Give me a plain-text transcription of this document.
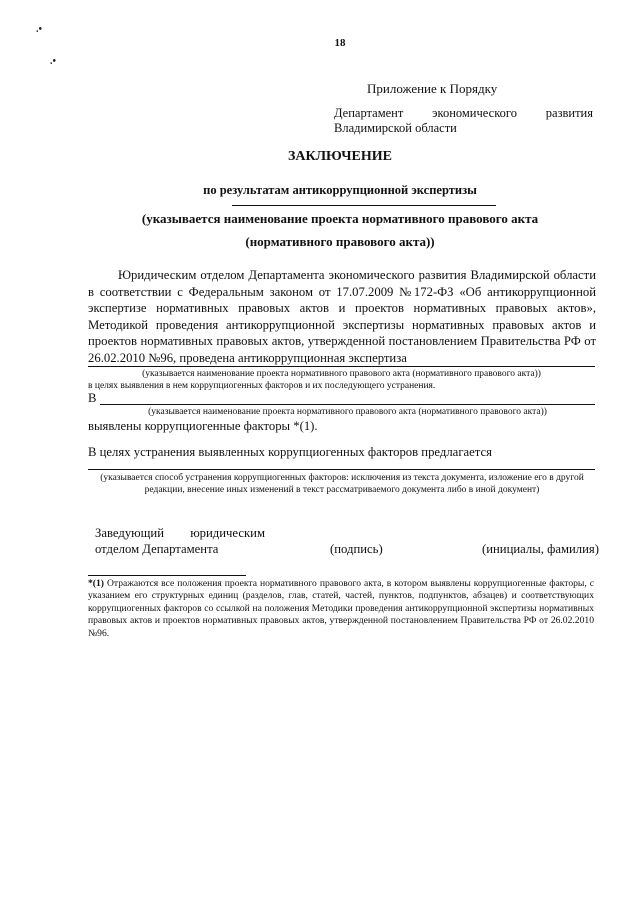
.•
.•
18
Приложение к Порядку
Департамент экономического развития
Владимирской области
ЗАКЛЮЧЕНИЕ
по результатам антикоррупционной экспертизы
(указывается наименование проекта нормативного правового акта
(нормативного правового акта))
Юридическим отделом Департамента экономического развития Владимирской области в соответствии с Федеральным законом от 17.07.2009 №172-ФЗ «Об антикоррупционной экспертизе нормативных правовых актов и проектов нормативных правовых актов», Методикой проведения антикоррупционной экспертизы нормативных правовых актов и проектов нормативных правовых актов, утвержденной постановлением Правительства РФ от 26.02.2010 №96, проведена антикоррупционная экспертиза
(указывается наименование проекта нормативного правового акта (нормативного правового акта))
в целях выявления в нем коррупциогенных факторов и их последующего устранения.
В
(указывается наименование проекта нормативного правового акта (нормативного правового акта))
выявлены коррупциогенные факторы *(1).
В целях устранения выявленных коррупциогенных факторов предлагается
(указывается способ устранения коррупциогенных факторов: исключения из текста документа, изложение его в другой редакции, внесение иных изменений в текст рассматриваемого документа либо в иной документ)
Заведующий юридическим
отделом Департамента	(подпись)	(инициалы, фамилия)
*(1) Отражаются все положения проекта нормативного правового акта, в котором выявлены коррупциогенные факторы, с указанием его структурных единиц (разделов, глав, статей, частей, пунктов, подпунктов, абзацев) и соответствующих коррупциогенных факторов со ссылкой на положения Методики проведения антикоррупционной экспертизы нормативных правовых актов и проектов нормативных правовых актов, утвержденной постановлением Правительства РФ от 26.02.2010 №96.
